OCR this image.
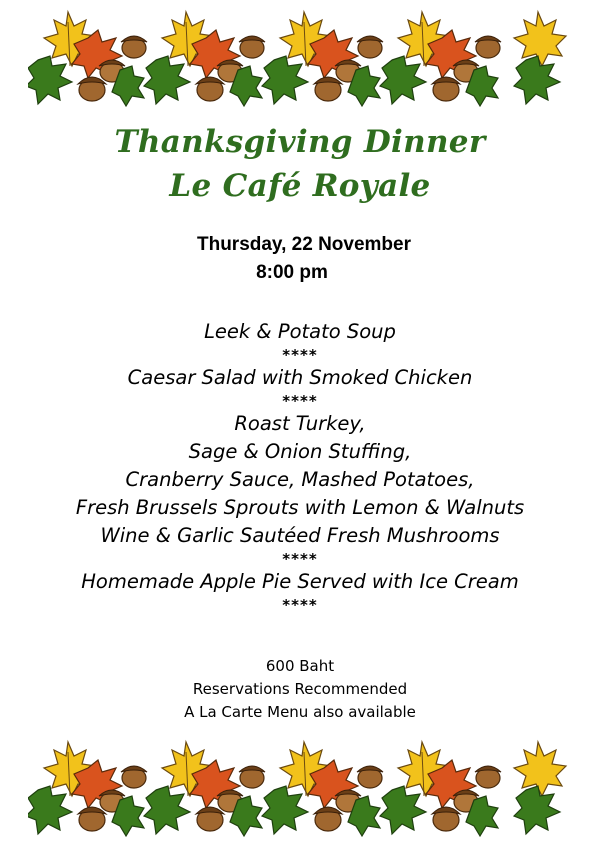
Thanksgiving Dinner
Le Café Royale
Thursday, 22 November
8:00 pm
Leek & Potato Soup
****
Caesar Salad with Smoked Chicken
****
Roast Turkey,
Sage & Onion Stuffing,
Cranberry Sauce, Mashed Potatoes,
Fresh Brussels Sprouts with Lemon & Walnuts
Wine & Garlic Sautéed Fresh Mushrooms
****
Homemade Apple Pie Served with Ice Cream
****
600 Baht
Reservations Recommended
A La Carte Menu also available
